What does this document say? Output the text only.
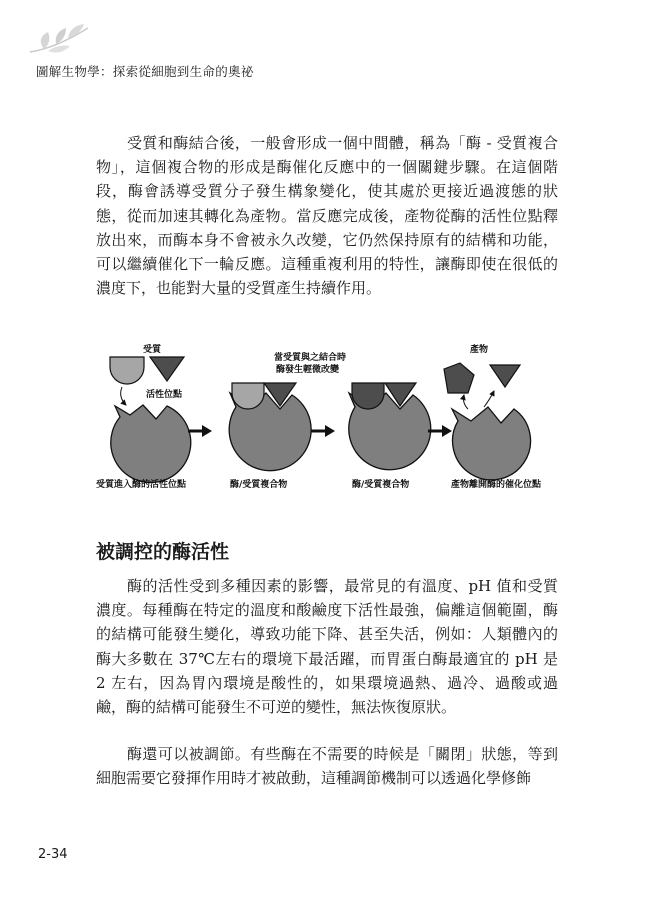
圖解生物學：探索從細胞到生命的奧祕

受質和酶結合後，一般會形成一個中間體，稱為「酶 - 受質複合物」，這個複合物的形成是酶催化反應中的一個關鍵步驟。在這個階段，酶會誘導受質分子發生構象變化，使其處於更接近過渡態的狀態，從而加速其轉化為產物。當反應完成後，產物從酶的活性位點釋放出來，而酶本身不會被永久改變，它仍然保持原有的結構和功能，可以繼續催化下一輪反應。這種重複利用的特性，讓酶即使在很低的濃度下，也能對大量的受質產生持續作用。

受質
活性位點
當受質與之結合時
酶發生輕微改變
產物
受質進入酶的活性位點	酶/受質複合物	酶/受質複合物	產物離開酶的催化位點
被調控的酶活性

酶的活性受到多種因素的影響，最常見的有溫度、pH 值和受質濃度。每種酶在特定的溫度和酸鹼度下活性最強，偏離這個範圍，酶的結構可能發生變化，導致功能下降、甚至失活，例如：人類體內的酶大多數在 37℃左右的環境下最活躍，而胃蛋白酶最適宜的 pH 是 2 左右，因為胃內環境是酸性的，如果環境過熱、過冷、過酸或過鹼，酶的結構可能發生不可逆的變性，無法恢復原狀。

酶還可以被調節。有些酶在不需要的時候是「關閉」狀態，等到細胞需要它發揮作用時才被啟動，這種調節機制可以透過化學修飾

2-34
